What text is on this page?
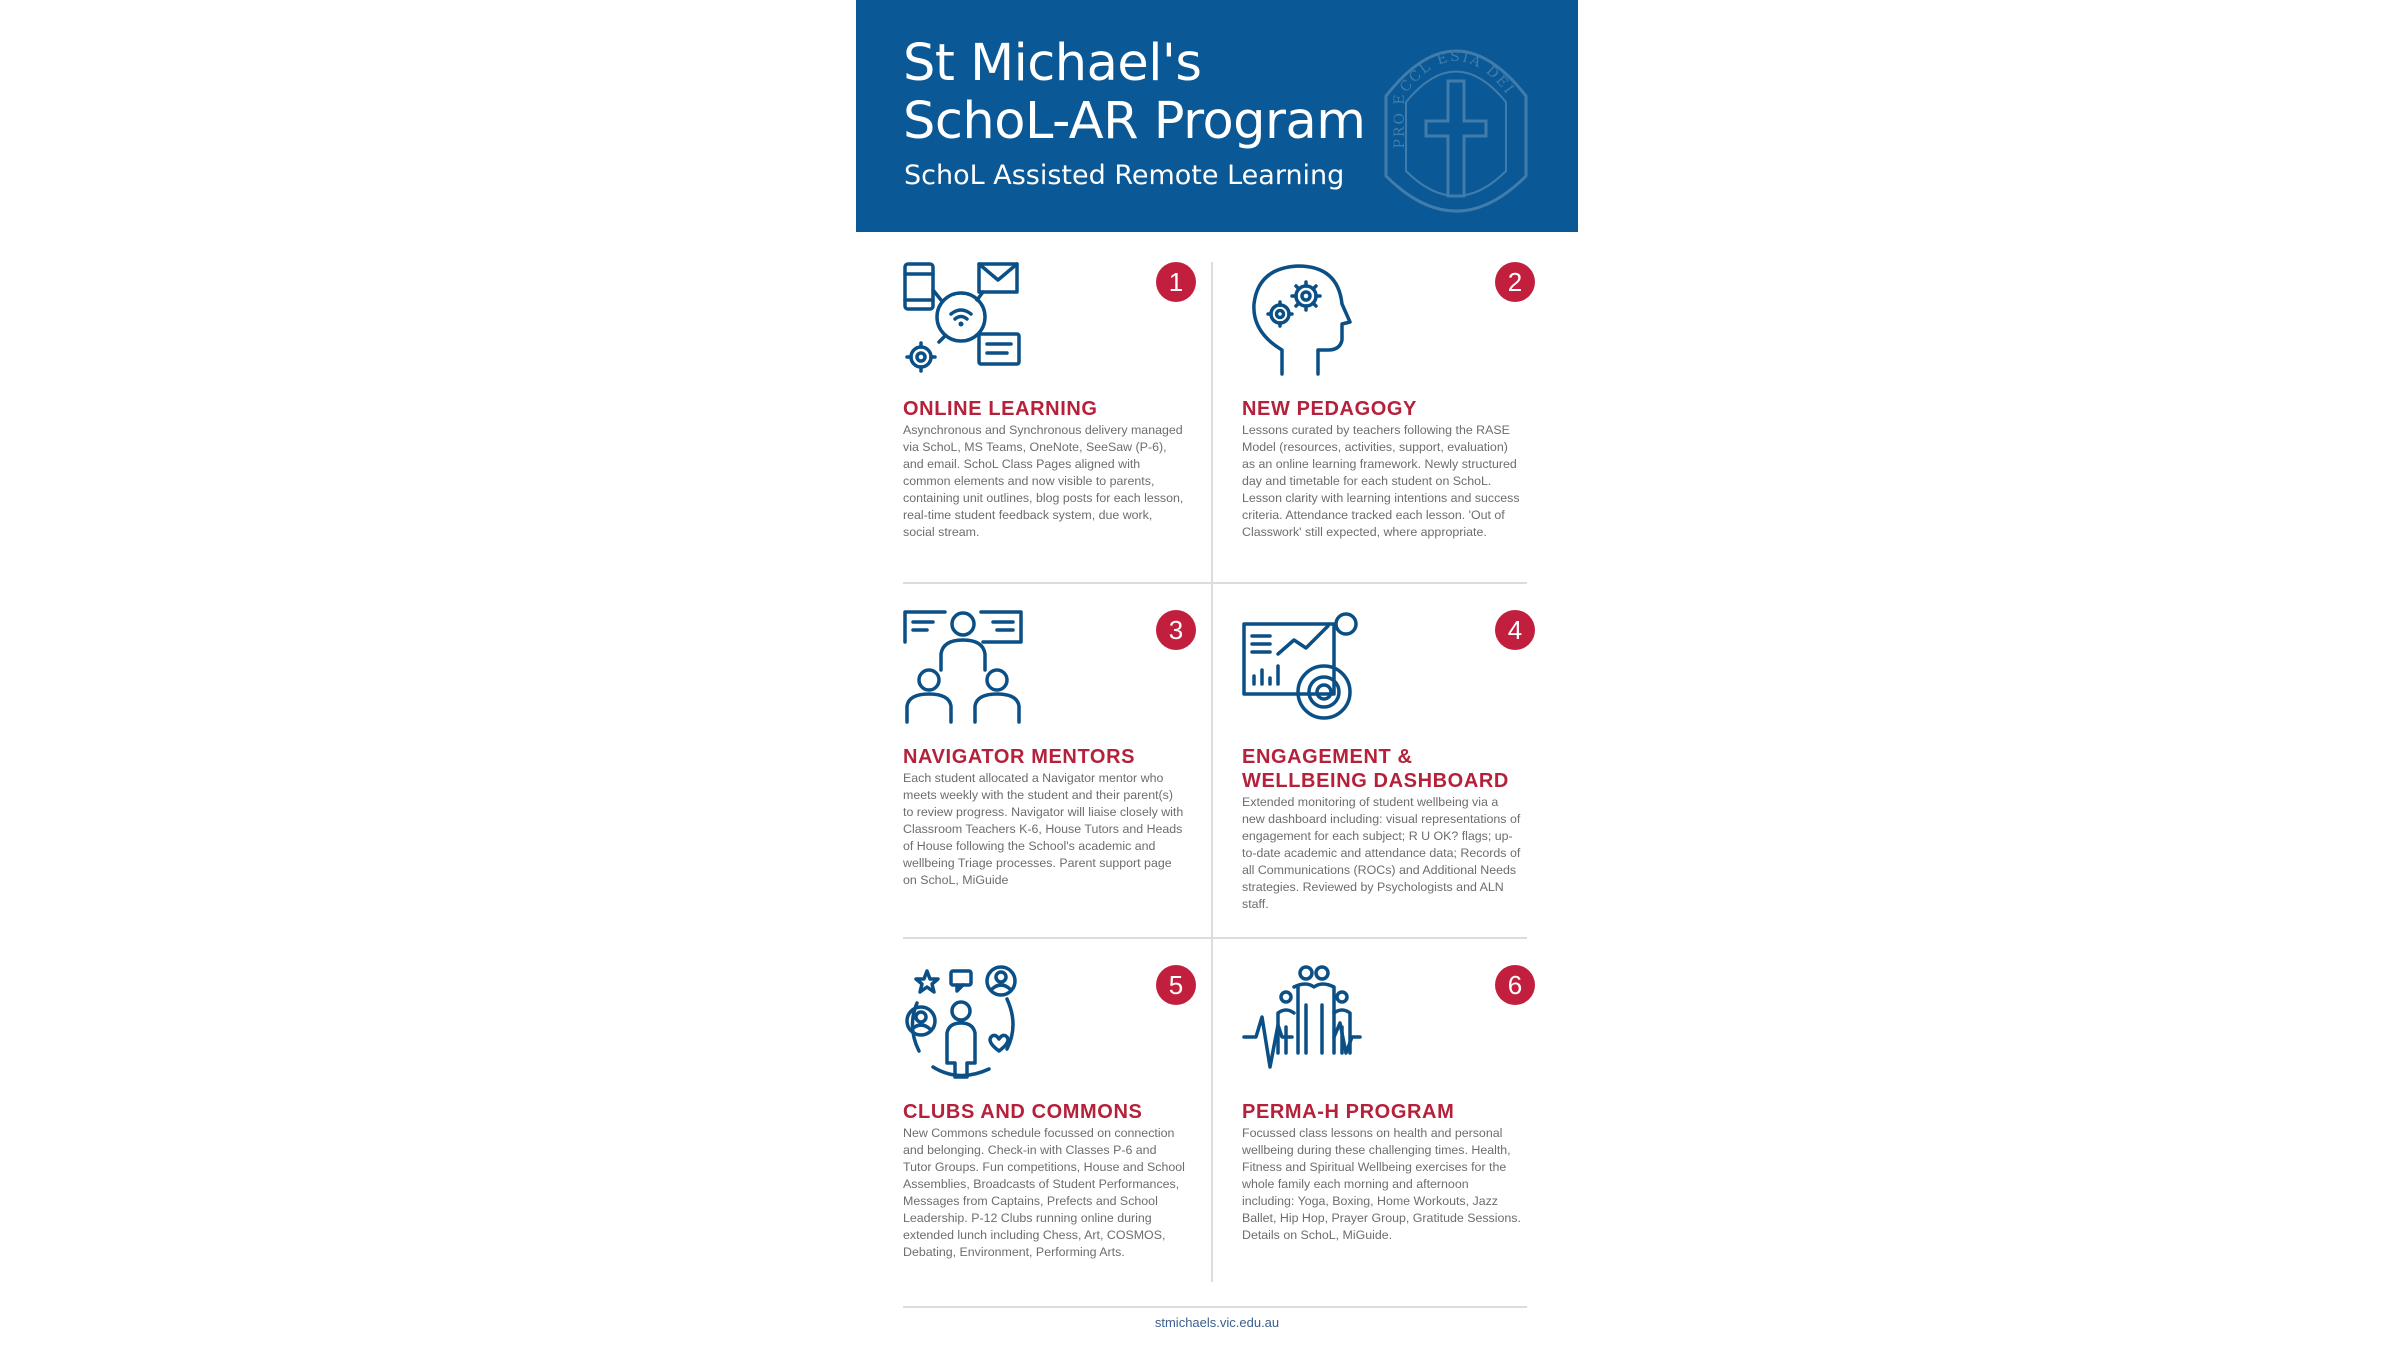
St Michael's
SchoL-AR Program
SchoL Assisted Remote Learning
PRO ECCL ESIA DEI
1
ONLINE LEARNING
Asynchronous and Synchronous delivery managed via SchoL, MS Teams, OneNote, SeeSaw (P-6), and email. SchoL Class Pages aligned with common elements and now visible to parents, containing unit outlines, blog posts for each lesson, real-time student feedback system, due work, social stream.
2
NEW PEDAGOGY
Lessons curated by teachers following the RASE Model (resources, activities, support, evaluation) as an online learning framework. Newly structured day and timetable for each student on SchoL. Lesson clarity with learning intentions and success criteria. Attendance tracked each lesson. 'Out of Classwork' still expected, where appropriate.
3
NAVIGATOR MENTORS
Each student allocated a Navigator mentor who meets weekly with the student and their parent(s) to review progress. Navigator will liaise closely with Classroom Teachers K-6, House Tutors and Heads of House following the School's academic and wellbeing Triage processes. Parent support page on SchoL, MiGuide
4
ENGAGEMENT &
WELLBEING DASHBOARD
Extended monitoring of student wellbeing via a new dashboard including: visual representations of engagement for each subject; R U OK? flags; up-to-date academic and attendance data; Records of all Communications (ROCs) and Additional Needs strategies. Reviewed by Psychologists and ALN staff.
5
CLUBS AND COMMONS
New Commons schedule focussed on connection and belonging. Check-in with Classes P-6 and Tutor Groups. Fun competitions, House and School Assemblies, Broadcasts of Student Performances, Messages from Captains, Prefects and School Leadership. P-12 Clubs running online during extended lunch including Chess, Art, COSMOS, Debating, Environment, Performing Arts.
6
PERMA-H PROGRAM
Focussed class lessons on health and personal wellbeing during these challenging times. Health, Fitness and Spiritual Wellbeing exercises for the whole family each morning and afternoon including: Yoga, Boxing, Home Workouts, Jazz Ballet, Hip Hop, Prayer Group, Gratitude Sessions. Details on SchoL, MiGuide.
stmichaels.vic.edu.au
